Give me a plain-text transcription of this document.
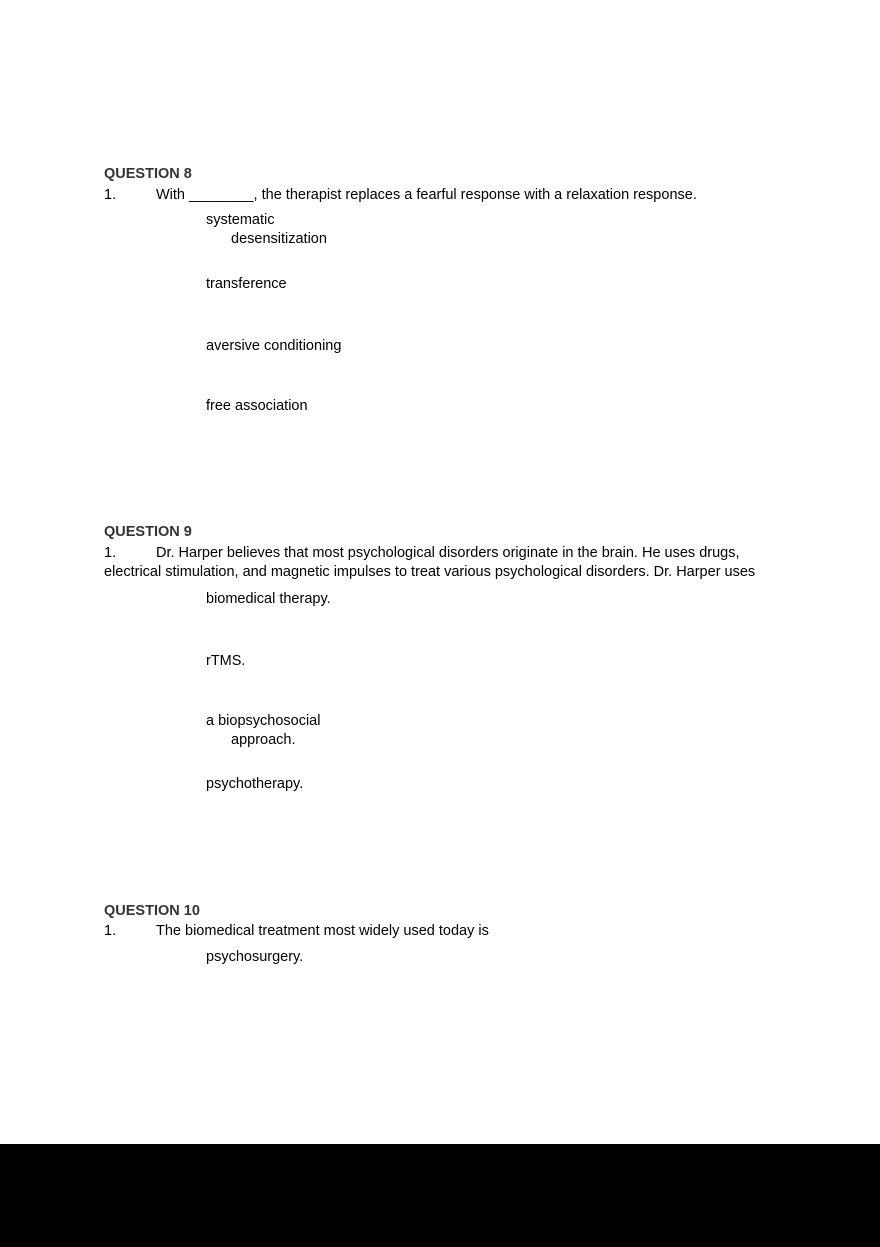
QUESTION 8
1.	With ________, the therapist replaces a fearful response with a relaxation response.
systematic
desensitization
transference
aversive conditioning
free association
QUESTION 9
1.	Dr. Harper believes that most psychological disorders originate in the brain. He uses drugs,
electrical stimulation, and magnetic impulses to treat various psychological disorders. Dr. Harper uses
biomedical therapy.
rTMS.
a biopsychosocial
approach.
psychotherapy.
QUESTION 10
1.	The biomedical treatment most widely used today is
psychosurgery.
